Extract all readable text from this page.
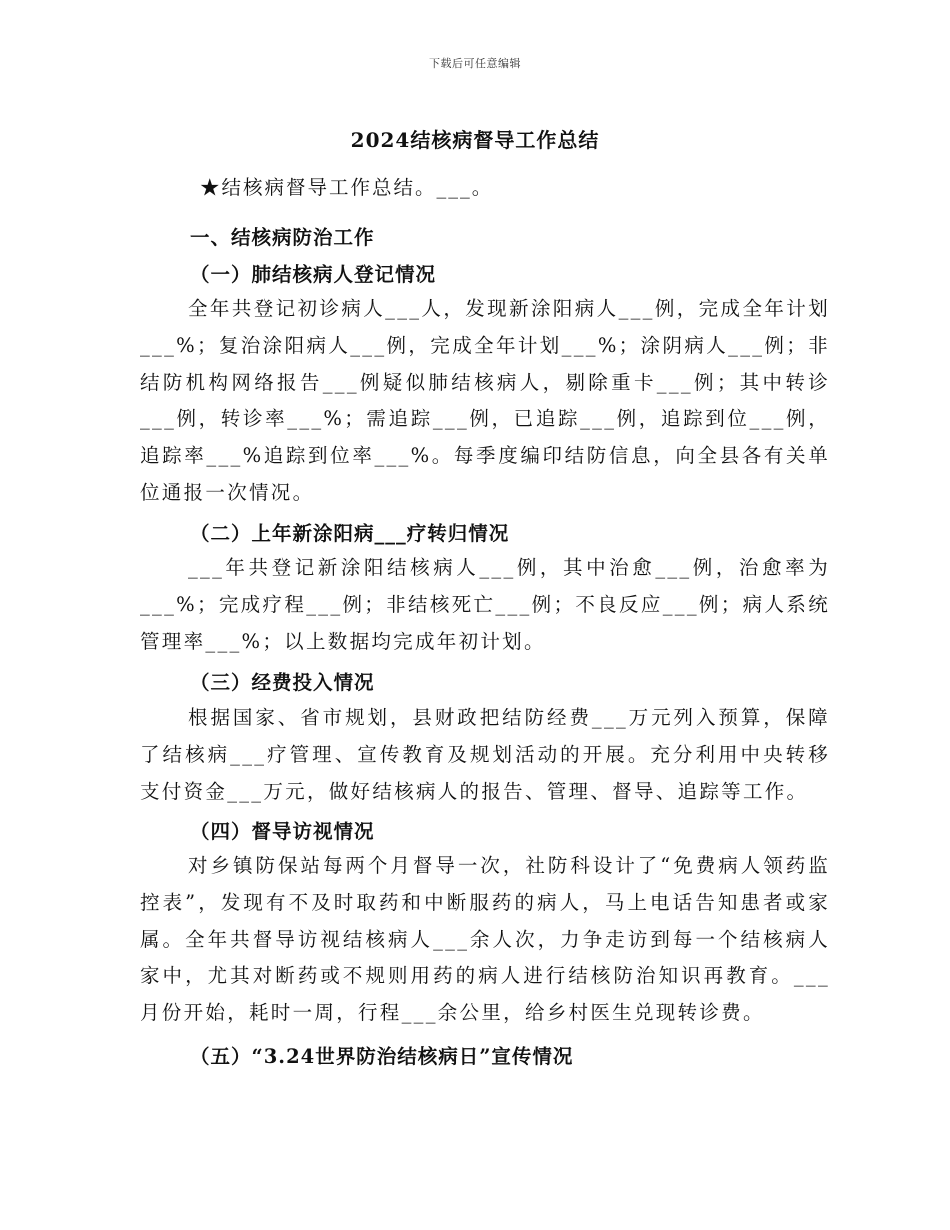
下载后可任意编辑
2024结核病督导工作总结
★结核病督导工作总结。___。
一、结核病防治工作
（一）肺结核病人登记情况
全年共登记初诊病人___人，发现新涂阳病人___例，完成全年计划___%；复治涂阳病人___例，完成全年计划___%；涂阴病人___例；非结防机构网络报告___例疑似肺结核病人，剔除重卡___例；其中转诊___例，转诊率___%；需追踪___例，已追踪___例，追踪到位___例，追踪率___%追踪到位率___%。每季度编印结防信息，向全县各有关单位通报一次情况。
（二）上年新涂阳病___疗转归情况
___年共登记新涂阳结核病人___例，其中治愈___例，治愈率为___%；完成疗程___例；非结核死亡___例；不良反应___例；病人系统管理率___%；以上数据均完成年初计划。
（三）经费投入情况
根据国家、省市规划，县财政把结防经费___万元列入预算，保障了结核病___疗管理、宣传教育及规划活动的开展。充分利用中央转移支付资金___万元，做好结核病人的报告、管理、督导、追踪等工作。
（四）督导访视情况
对乡镇防保站每两个月督导一次，社防科设计了“免费病人领药监控表”，发现有不及时取药和中断服药的病人，马上电话告知患者或家属。全年共督导访视结核病人___余人次，力争走访到每一个结核病人家中，尤其对断药或不规则用药的病人进行结核防治知识再教育。___月份开始，耗时一周，行程___余公里，给乡村医生兑现转诊费。
（五）“3.24世界防治结核病日”宣传情况
